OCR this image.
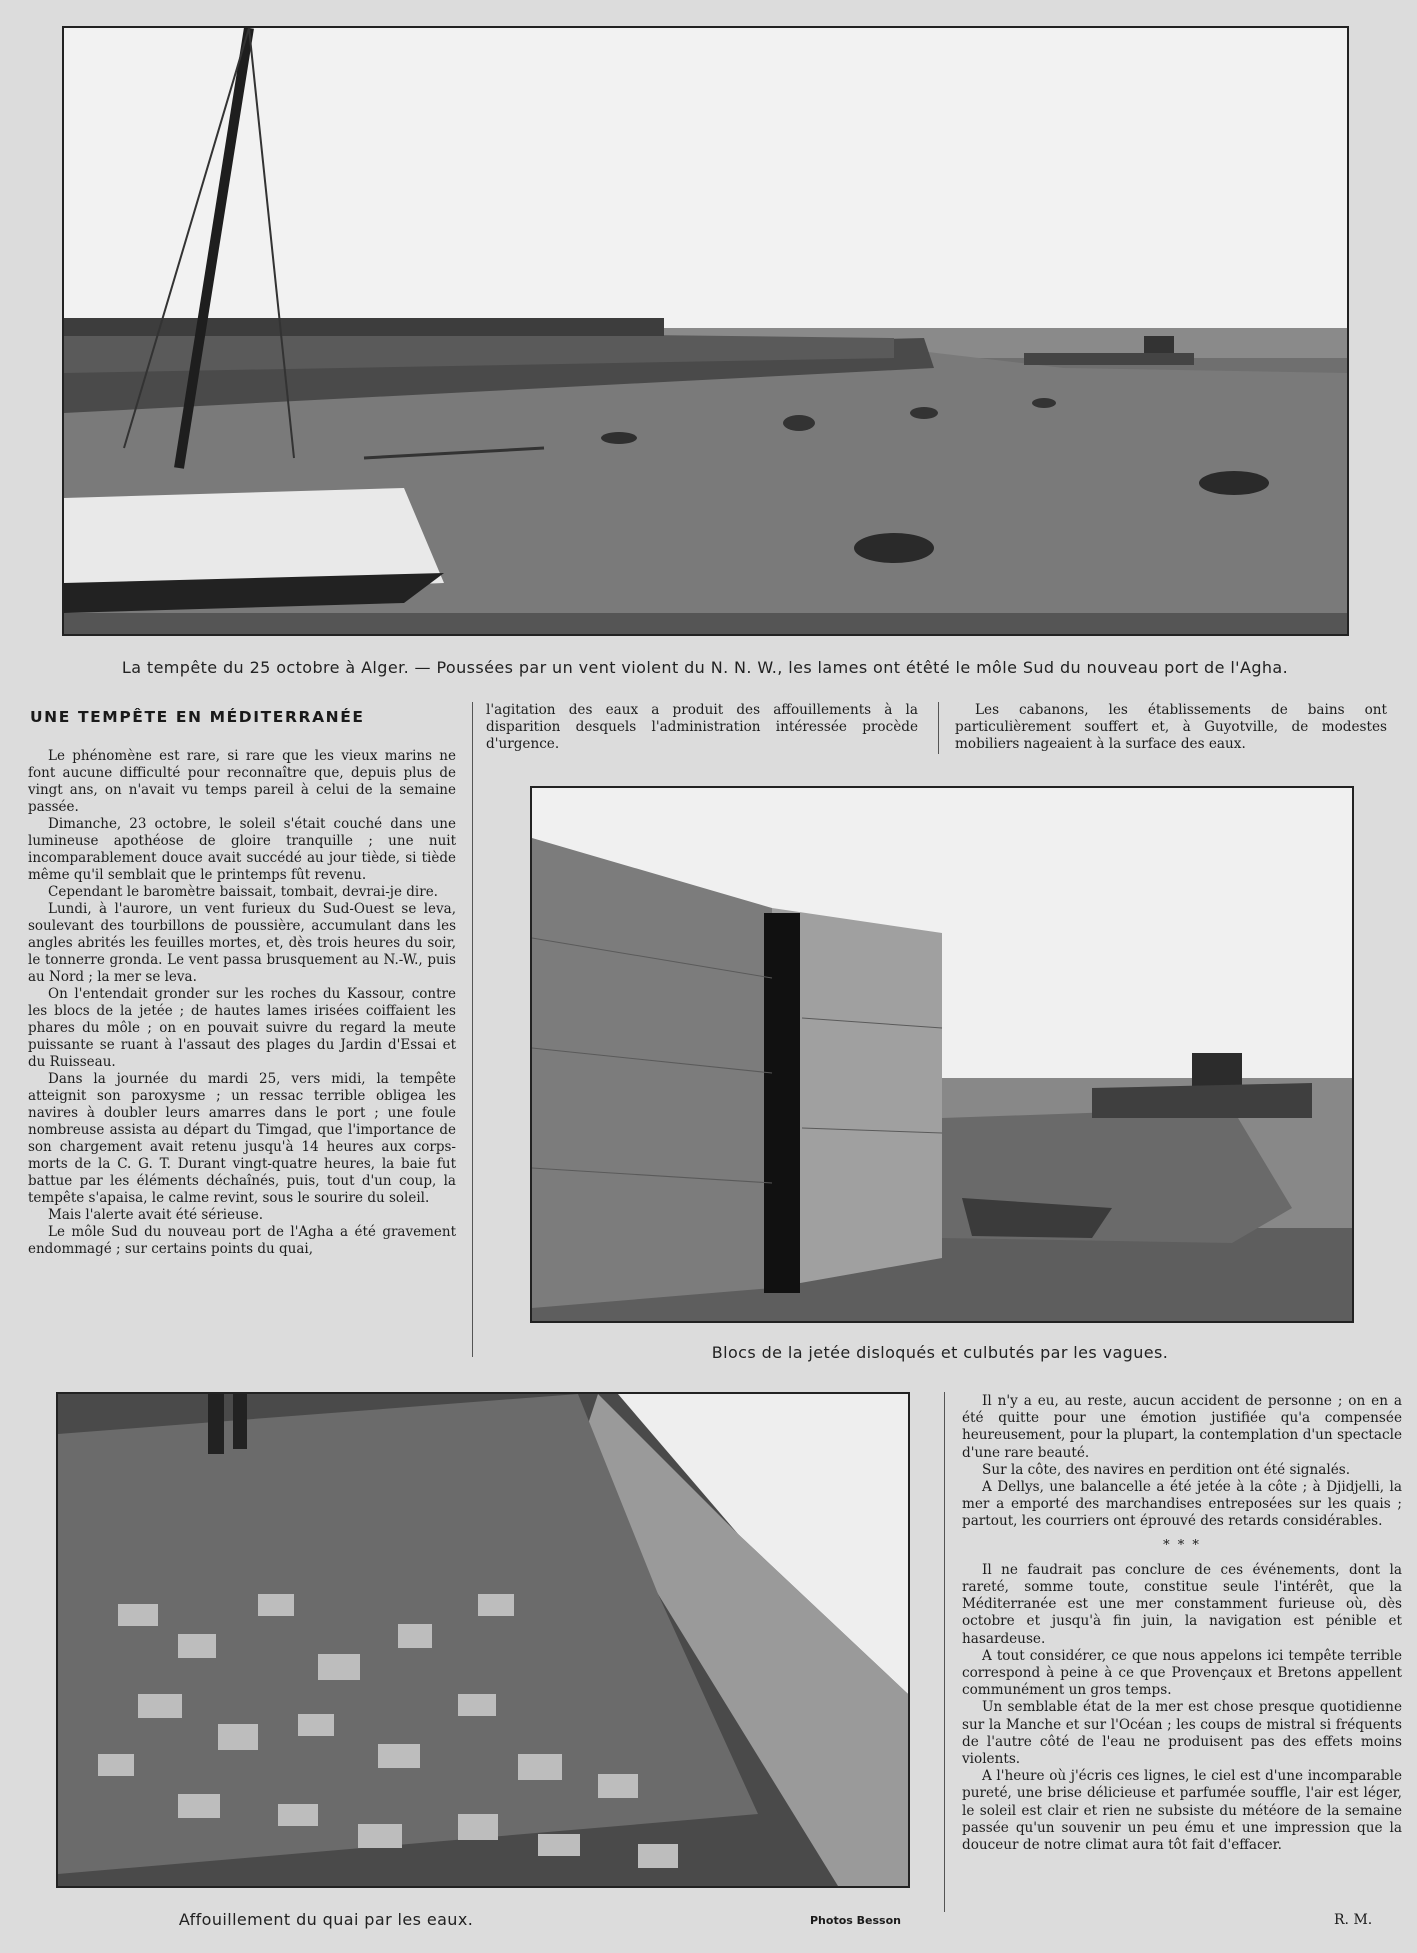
La tempête du 25 octobre à Alger. — Poussées par un vent violent du N. N. W., les lames ont étêté le môle Sud du nouveau port de l'Agha.
UNE TEMPÊTE EN MÉDITERRANÉE

Le phénomène est rare, si rare que les vieux marins ne font aucune difficulté pour reconnaître que, depuis plus de vingt ans, on n'avait vu temps pareil à celui de la semaine passée.

Dimanche, 23 octobre, le soleil s'était couché dans une lumineuse apothéose de gloire tranquille ; une nuit incomparablement douce avait succédé au jour tiède, si tiède même qu'il semblait que le printemps fût revenu.

Cependant le baromètre baissait, tombait, devrai-je dire.

Lundi, à l'aurore, un vent furieux du Sud-Ouest se leva, soulevant des tourbillons de poussière, accumulant dans les angles abrités les feuilles mortes, et, dès trois heures du soir, le tonnerre gronda. Le vent passa brusquement au N.-W., puis au Nord ; la mer se leva.

On l'entendait gronder sur les roches du Kassour, contre les blocs de la jetée ; de hautes lames irisées coiffaient les phares du môle ; on en pouvait suivre du regard la meute puissante se ruant à l'assaut des plages du Jardin d'Essai et du Ruisseau.

Dans la journée du mardi 25, vers midi, la tempête atteignit son paroxysme ; un ressac terrible obligea les navires à doubler leurs amarres dans le port ; une foule nombreuse assista au départ du Timgad, que l'importance de son chargement avait retenu jusqu'à 14 heures aux corps-morts de la C. G. T. Durant vingt-quatre heures, la baie fut battue par les éléments déchaînés, puis, tout d'un coup, la tempête s'apaisa, le calme revint, sous le sourire du soleil.

Mais l'alerte avait été sérieuse.

Le môle Sud du nouveau port de l'Agha a été gravement endommagé ; sur certains points du quai,

l'agitation des eaux a produit des affouillements à la disparition desquels l'administration intéressée procède d'urgence.

Les cabanons, les établissements de bains ont particulièrement souffert et, à Guyotville, de modestes mobiliers nageaient à la surface des eaux.

Blocs de la jetée disloqués et culbutés par les vagues.
Affouillement du quai par les eaux.	Photos Besson

Il n'y a eu, au reste, aucun accident de personne ; on en a été quitte pour une émotion justifiée qu'a compensée heureusement, pour la plupart, la contemplation d'un spectacle d'une rare beauté.

Sur la côte, des navires en perdition ont été signalés.

A Dellys, une balancelle a été jetée à la côte ; à Djidjelli, la mer a emporté des marchandises entreposées sur les quais ; partout, les courriers ont éprouvé des retards considérables.

* * *

Il ne faudrait pas conclure de ces événements, dont la rareté, somme toute, constitue seule l'intérêt, que la Méditerranée est une mer constamment furieuse où, dès octobre et jusqu'à fin juin, la navigation est pénible et hasardeuse.

A tout considérer, ce que nous appelons ici tempête terrible correspond à peine à ce que Provençaux et Bretons appellent communément un gros temps.

Un semblable état de la mer est chose presque quotidienne sur la Manche et sur l'Océan ; les coups de mistral si fréquents de l'autre côté de l'eau ne produisent pas des effets moins violents.

A l'heure où j'écris ces lignes, le ciel est d'une incomparable pureté, une brise délicieuse et parfumée souffle, l'air est léger, le soleil est clair et rien ne subsiste du météore de la semaine passée qu'un souvenir un peu ému et une impression que la douceur de notre climat aura tôt fait d'effacer.

R. M.
